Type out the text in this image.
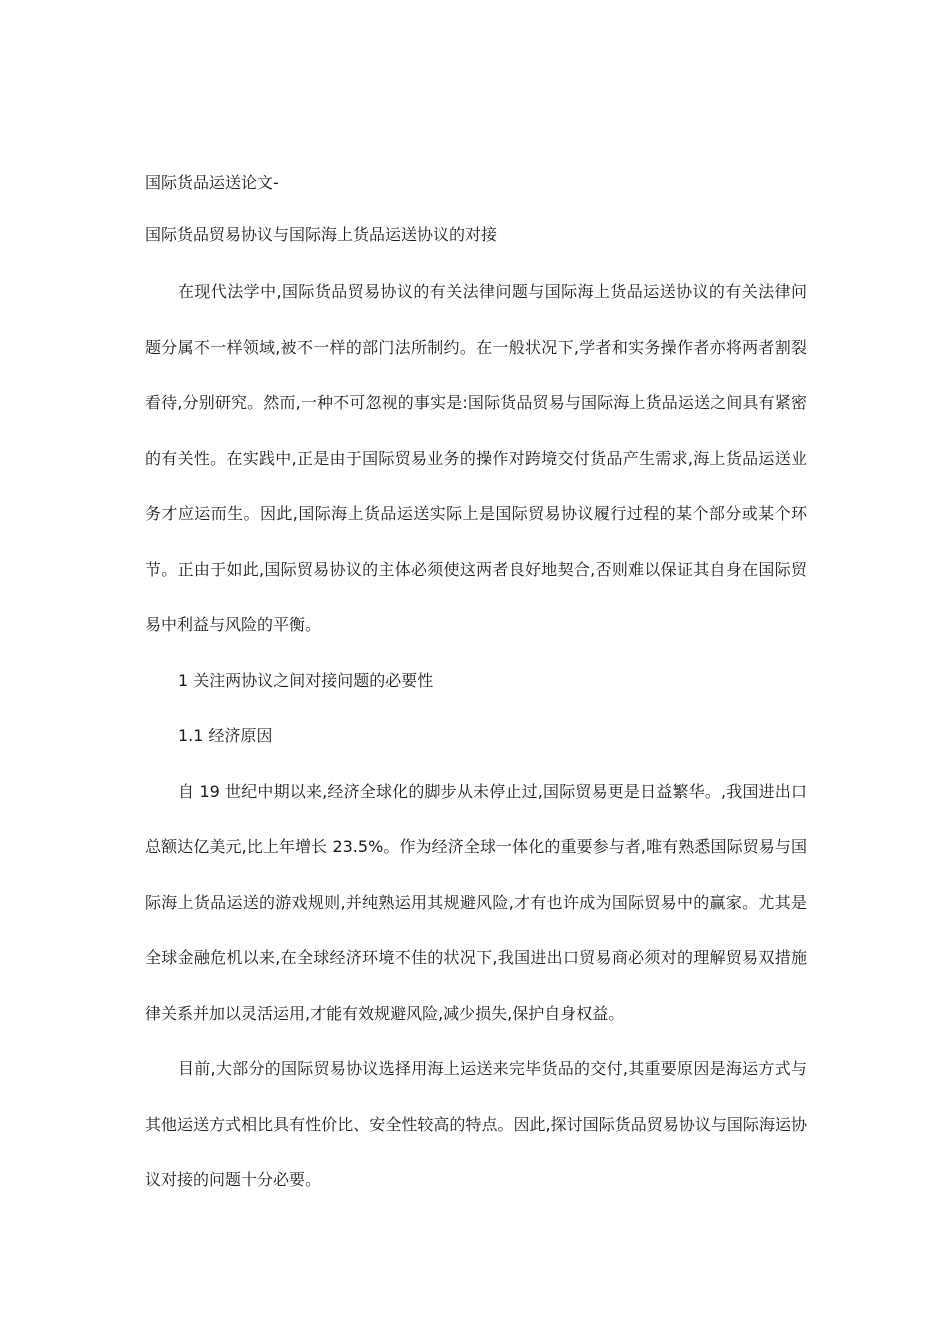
国际货品运送论文-
国际货品贸易协议与国际海上货品运送协议的对接

在现代法学中,国际货品贸易协议的有关法律问题与国际海上货品运送协议的有关法律问题分属不一样领域,被不一样的部门法所制约。在一般状况下,学者和实务操作者亦将两者割裂看待,分别研究。然而,一种不可忽视的事实是:国际货品贸易与国际海上货品运送之间具有紧密的有关性。在实践中,正是由于国际贸易业务的操作对跨境交付货品产生需求,海上货品运送业务才应运而生。因此,国际海上货品运送实际上是国际贸易协议履行过程的某个部分或某个环节。正由于如此,国际贸易协议的主体必须使这两者良好地契合,否则难以保证其自身在国际贸易中利益与风险的平衡。

1 关注两协议之间对接问题的必要性
1.1 经济原因

自 19 世纪中期以来,经济全球化的脚步从未停止过,国际贸易更是日益繁华。,我国进出口总额达亿美元,比上年增长 23.5%。作为经济全球一体化的重要参与者,唯有熟悉国际贸易与国际海上货品运送的游戏规则,并纯熟运用其规避风险,才有也许成为国际贸易中的赢家。尤其是全球金融危机以来,在全球经济环境不佳的状况下,我国进出口贸易商必须对的理解贸易双措施律关系并加以灵活运用,才能有效规避风险,减少损失,保护自身权益。

目前,大部分的国际贸易协议选择用海上运送来完毕货品的交付,其重要原因是海运方式与其他运送方式相比具有性价比、安全性较高的特点。因此,探讨国际货品贸易协议与国际海运协议对接的问题十分必要。
